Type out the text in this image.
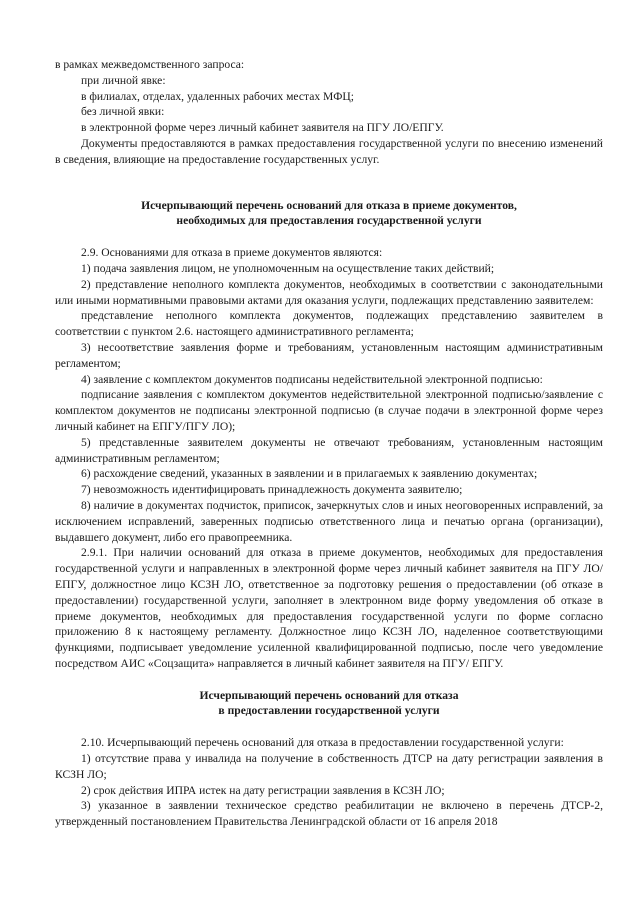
в рамках межведомственного запроса:

при личной явке:

в филиалах, отделах, удаленных рабочих местах МФЦ;

без личной явки:

в электронной форме через личный кабинет заявителя на ПГУ ЛО/ЕПГУ.

Документы предоставляются в рамках предоставления государственной услуги по внесению изменений в сведения, влияющие на предоставление государственных услуг.

Исчерпывающий перечень оснований для отказа в приеме документов,

необходимых для предоставления государственной услуги

2.9. Основаниями для отказа в приеме документов являются:

1) подача заявления лицом, не уполномоченным на осуществление таких действий;

2) представление неполного комплекта документов, необходимых в соответствии с законодательными или иными нормативными правовыми актами для оказания услуги, подлежащих представлению заявителем:

представление неполного комплекта документов, подлежащих представлению заявителем в соответствии с пунктом 2.6. настоящего административного регламента;

3) несоответствие заявления форме и требованиям, установленным настоящим административным регламентом;

4) заявление с комплектом документов подписаны недействительной электронной подписью:

подписание заявления с комплектом документов недействительной электронной подписью/заявление с комплектом документов не подписаны электронной подписью (в случае подачи в электронной форме через личный кабинет на ЕПГУ/ПГУ ЛО);

5) представленные заявителем документы не отвечают требованиям, установленным настоящим административным регламентом;

6) расхождение сведений, указанных в заявлении и в прилагаемых к заявлению документах;

7) невозможность идентифицировать принадлежность документа заявителю;

8) наличие в документах подчисток, приписок, зачеркнутых слов и иных неоговоренных исправлений, за исключением исправлений, заверенных подписью ответственного лица и печатью органа (организации), выдавшего документ, либо его правопреемника.

2.9.1. При наличии оснований для отказа в приеме документов, необходимых для предоставления государственной услуги и направленных в электронной форме через личный кабинет заявителя на ПГУ ЛО/ЕПГУ, должностное лицо КСЗН ЛО, ответственное за подготовку решения о предоставлении (об отказе в предоставлении) государственной услуги, заполняет в электронном виде форму уведомления об отказе в приеме документов, необходимых для предоставления государственной услуги по форме согласно приложению 8 к настоящему регламенту. Должностное лицо КСЗН ЛО, наделенное соответствующими функциями, подписывает уведомление усиленной квалифицированной подписью, после чего уведомление посредством АИС «Соцзащита» направляется в личный кабинет заявителя на ПГУ/ ЕПГУ.

Исчерпывающий перечень оснований для отказа

в предоставлении государственной услуги

2.10. Исчерпывающий перечень оснований для отказа в предоставлении государственной услуги:

1) отсутствие права у инвалида на получение в собственность ДТСР на дату регистрации заявления в КСЗН ЛО;

2) срок действия ИПРА истек на дату регистрации заявления в КСЗН ЛО;

3) указанное в заявлении техническое средство реабилитации не включено в перечень ДТСР-2, утвержденный постановлением Правительства Ленинградской области от 16 апреля 2018
